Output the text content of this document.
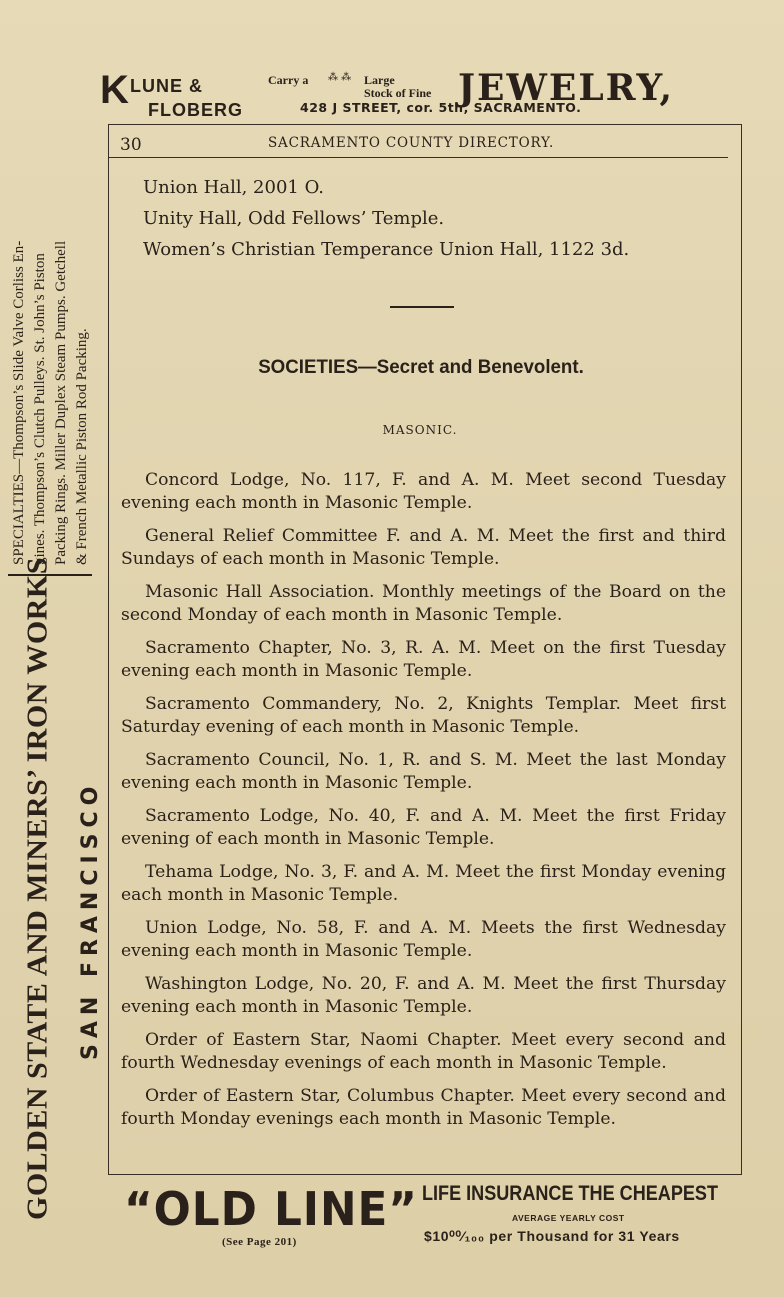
K LUNE &
FLOBERG
Carry a ⁂ ⁂ Large
Stock of Fine JEWELRY,
428 J STREET, cor. 5th, SACRAMENTO.
30	SACRAMENTO COUNTY DIRECTORY.
Union Hall, 2001 O.
Unity Hall, Odd Fellows’ Temple.
Women’s Christian Temperance Union Hall, 1122 3d.
SOCIETIES—Secret and Benevolent.
MASONIC.
Concord Lodge, No. 117, F. and A. M. Meet second Tuesday evening each month in Masonic Temple.
General Relief Committee F. and A. M. Meet the first and third Sundays of each month in Masonic Temple.
Masonic Hall Association. Monthly meetings of the Board on the second Monday of each month in Masonic Temple.
Sacramento Chapter, No. 3, R. A. M. Meet on the first Tuesday evening each month in Masonic Temple.
Sacramento Commandery, No. 2, Knights Templar. Meet first Saturday evening of each month in Masonic Temple.
Sacramento Council, No. 1, R. and S. M. Meet the last Monday evening each month in Masonic Temple.
Sacramento Lodge, No. 40, F. and A. M. Meet the first Friday evening of each month in Masonic Temple.
Tehama Lodge, No. 3, F. and A. M. Meet the first Monday evening each month in Masonic Temple.
Union Lodge, No. 58, F. and A. M. Meets the first Wednesday evening each month in Masonic Temple.
Washington Lodge, No. 20, F. and A. M. Meet the first Thursday evening each month in Masonic Temple.
Order of Eastern Star, Naomi Chapter. Meet every second and fourth Wednesday evenings of each month in Masonic Temple.
Order of Eastern Star, Columbus Chapter. Meet every second and fourth Monday evenings each month in Masonic Temple.
GOLDEN STATE AND MINERS’ IRON WORKS SAN FRANCISCO
SPECIALTIES—Thompson’s Slide Valve Corliss En- gines. Thompson’s Clutch Pulleys. St. John’s Piston Packing Rings. Miller Duplex Steam Pumps. Getchell & French Metallic Piston Rod Packing.
“OLD LINE”
(See Page 201)
LIFE INSURANCE THE CHEAPEST
AVERAGE YEARLY COST
$10⁰⁰⁄₁₀₀ per Thousand for 31 Years
